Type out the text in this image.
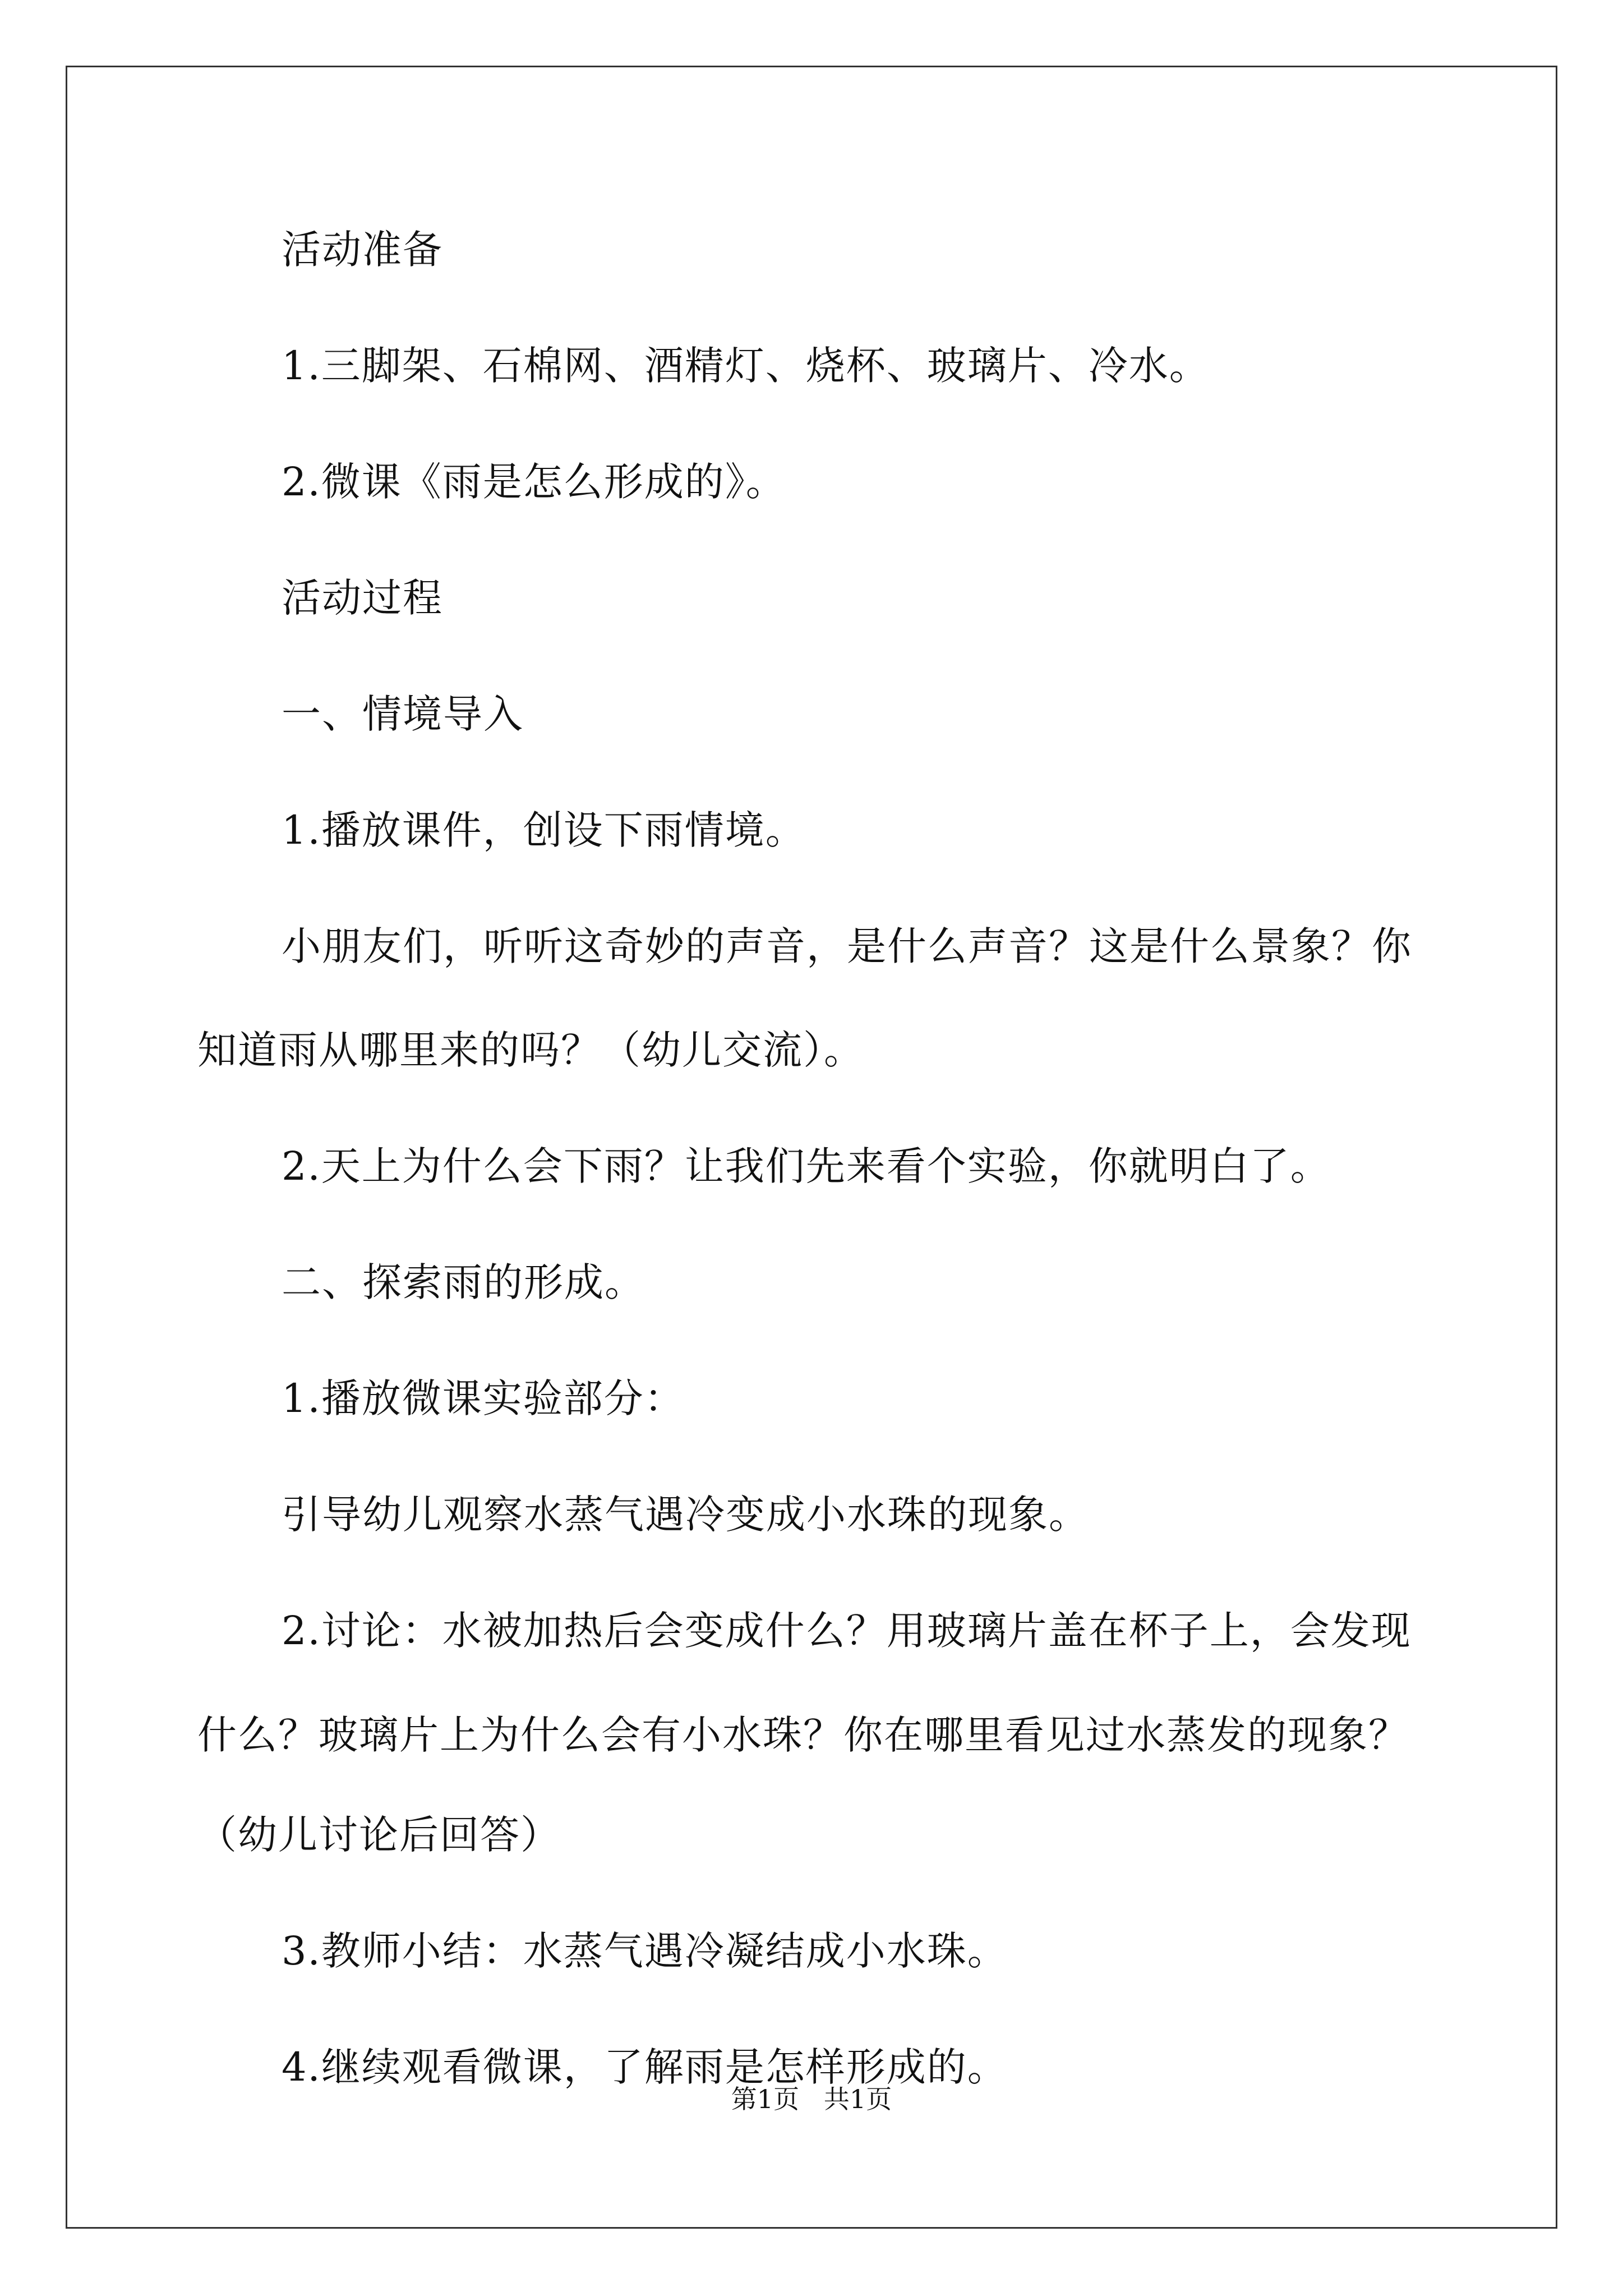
活动准备
1.三脚架、石棉网、酒精灯、烧杯、玻璃片、冷水。
2.微课《雨是怎么形成的》。
活动过程
一、情境导入
1.播放课件，创设下雨情境。
小朋友们，听听这奇妙的声音，是什么声音？这是什么景象？你
知道雨从哪里来的吗？（幼儿交流）。
2.天上为什么会下雨？让我们先来看个实验，你就明白了。
二、探索雨的形成。
1.播放微课实验部分：
引导幼儿观察水蒸气遇冷变成小水珠的现象。
2.讨论：水被加热后会变成什么？用玻璃片盖在杯子上，会发现
什么？玻璃片上为什么会有小水珠？你在哪里看见过水蒸发的现象？
（幼儿讨论后回答）
3.教师小结：水蒸气遇冷凝结成小水珠。
4.继续观看微课，了解雨是怎样形成的。
第1页   共1页
